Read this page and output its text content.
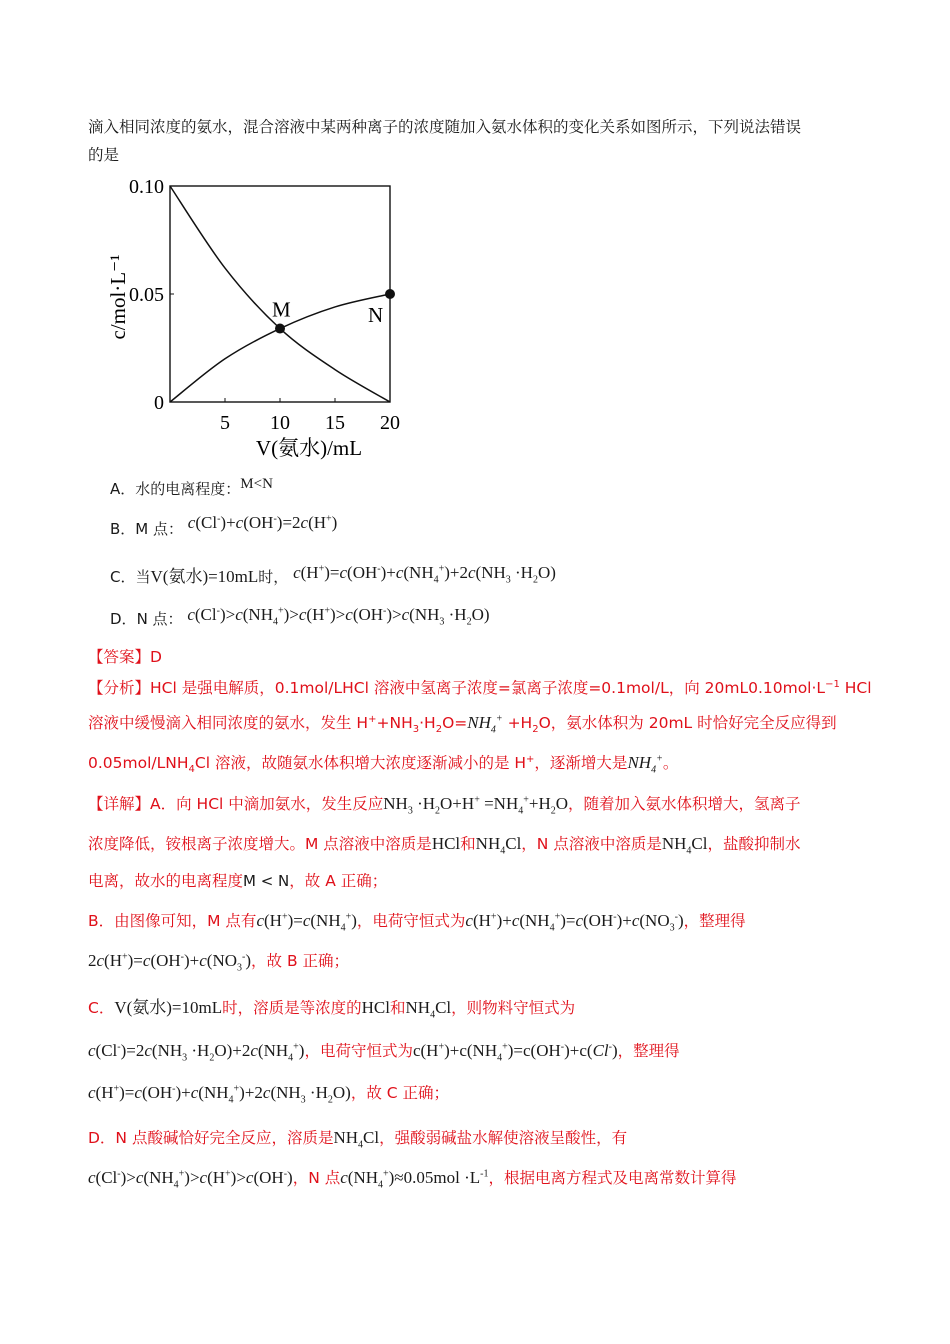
滴入相同浓度的氨水，混合溶液中某两种离子的浓度随加入氨水体积的变化关系如图所示，下列说法错误
的是
5 10 15 20
0
0.05
0.10
M	N
c/mol·L⁻¹
V(氨水)/mL
A．水的电离程度：M<N
B．M 点： c(Cl-)+c(OH-)=2c(H+)
C．当V(氨水)=10mL时， $c(H^+)=c(OH^-)+c(NH_4^+)+2c(NH_3 \cdot H_2O)$
D．N 点： $c(Cl^-)>c(NH_4^+)>c(H^+)>c(OH^-)>c(NH_3 \cdot H_2O)$
【答案】D
【分析】HCl 是强电解质，0.1mol/LHCl 溶液中氢离子浓度=氯离子浓度=0.1mol/L，向 $20mL0.10mol\cdot L^{-1}$ HCl
溶液中缓慢滴入相同浓度的氨水，发生 $H^++NH_3\cdot H_2O=NH_4^+ +H_2O$，氨水体积为 20mL 时恰好完全反应得到
$0.05mol/LNH_4Cl$ 溶液，故随氨水体积增大浓度逐渐减小的是 H+，逐渐增大是$NH_4^+$。
【详解】A．向 HCl 中滴加氨水，发生反应$NH_3 \cdot H_2O+H^+ =NH_4^++H_2O$，随着加入氨水体积增大，氢离子
浓度降低，铵根离子浓度增大。M 点溶液中溶质是HCl和$NH_4Cl$，N 点溶液中溶质是$NH_4Cl$，盐酸抑制水
电离，故水的电离程度M < N，故 A 正确；
B．由图像可知，M 点有$c(H^+)=c(NH_4^+)$，电荷守恒式为$c(H^+)+c(NH_4^+)=c(OH^-)+c(NO_3^-)$，整理得
$2c(H^+)=c(OH^-)+c(NO_3^-)$，故 B 正确；
C．V(氨水)=10mL时，溶质是等浓度的HCl和$NH_4Cl$，则物料守恒式为
$c(Cl^-)=2c(NH_3 \cdot H_2O)+2c(NH_4^+)$，电荷守恒式为$c(H^+)+c(NH_4^+)=c(OH^-)+c(Cl^-)$，整理得
$c(H^+)=c(OH^-)+c(NH_4^+)+2c(NH_3 \cdot H_2O)$，故 C 正确；
D．N 点酸碱恰好完全反应，溶质是$NH_4Cl$，强酸弱碱盐水解使溶液呈酸性，有
$c(Cl^-)>c(NH_4^+)>c(H^+)>c(OH^-)$，N 点$c(NH_4^+)\approx 0.05mol \cdot L^{-1}$，根据电离方程式及电离常数计算得
